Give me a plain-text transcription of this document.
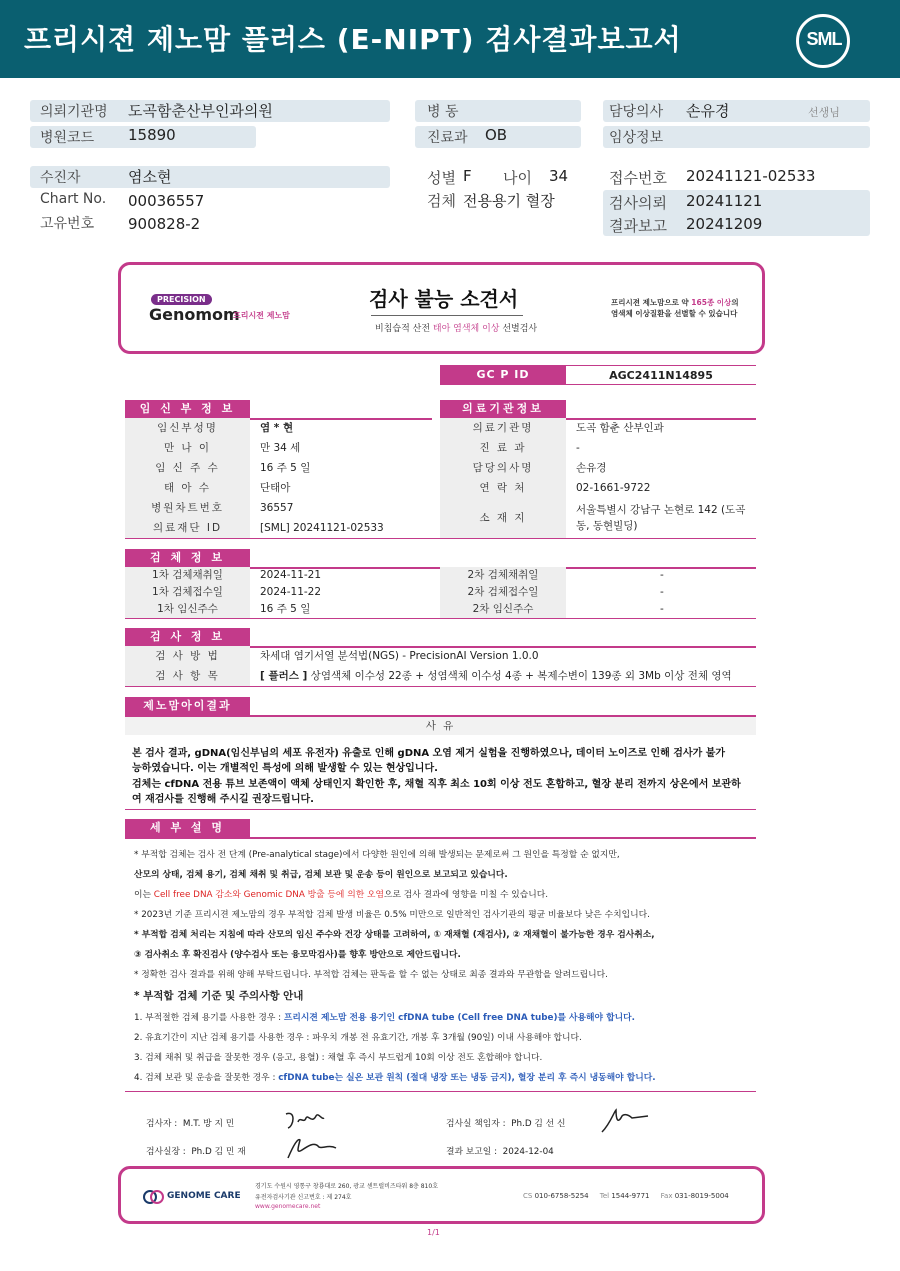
프리시젼 제노맘 플러스 (E-NIPT) 검사결과보고서	SML
의뢰기관명 도곡함춘산부인과의원
병원코드 15890
병 동
진료과 OB
담당의사 손유경	선생님
임상정보
수진자	염소현
Chart No. 00036557
고유번호 900828-2
성별 F 나이 34
검체 전용용기 혈장
접수번호 20241121-02533
검사의뢰 20241121
결과보고 20241209
PRECISION
Genomom
프리시젼 제노맘
검사 불능 소견서
비침습적 산전 태아 염색체 이상 선별검사
프리시젼 제노맘으로 약 165종 이상의
염색체 이상질환을 선별할 수 있습니다
GC P ID	AGC2411N14895
임 신 부 정 보
임신부성명	염 * 현
만 나 이	만 34 세
임 신 주 수	16 주 5 일
태 아 수	단태아
병원차트번호	36557
의료재단 ID	[SML] 20241121-02533
의료기관정보
의료기관명	도곡 함춘 산부인과
진 료 과	-
담당의사명	손유경
연 락 처	02-1661-9722
소 재 지
서울특별시 강남구 논현로 142 (도곡
동, 동현빌딩)
검 체 정 보
1차 검체채취일	2024-11-21	2차 검체채취일	-
1차 검체접수일	2024-11-22	2차 검체접수일	-
1차 임신주수	16 주 5 일	2차 임신주수	-
검 사 정 보
검 사 방 법	차세대 염기서열 분석법(NGS) - PrecisionAI Version 1.0.0
검 사 항 목	[ 플러스 ] 상염색체 이수성 22종 + 성염색체 이수성 4종 + 복제수변이 139종 외 3Mb 이상 전체 영역
제노맘아이결과
사 유
본 검사 결과, gDNA(임신부님의 세포 유전자) 유출로 인해 gDNA 오염 제거 실험을 진행하였으나, 데이터 노이즈로 인해 검사가 불가
능하였습니다. 이는 개별적인 특성에 의해 발생할 수 있는 현상입니다.
검체는 cfDNA 전용 튜브 보존액이 액체 상태인지 확인한 후, 채혈 직후 최소 10회 이상 전도 혼합하고, 혈장 분리 전까지 상온에서 보관하
여 재검사를 진행해 주시길 권장드립니다.
세 부 설 명
* 부적합 검체는 검사 전 단계 (Pre-analytical stage)에서 다양한 원인에 의해 발생되는 문제로써 그 원인을 특정할 순 없지만,
산모의 상태, 검체 용기, 검체 채취 및 취급, 검체 보관 및 운송 등이 원인으로 보고되고 있습니다.
이는 Cell free DNA 감소와 Genomic DNA 방출 등에 의한 오염으로 검사 결과에 영향을 미칠 수 있습니다.
* 2023년 기준 프리시젼 제노맘의 경우 부적합 검체 발생 비율은 0.5% 미만으로 일반적인 검사기관의 평균 비율보다 낮은 수치입니다.
* 부적합 검체 처리는 지침에 따라 산모의 임신 주수와 건강 상태를 고려하여, ① 재채혈 (재검사), ② 재채혈이 불가능한 경우 검사취소,
③ 검사취소 후 확진검사 (양수검사 또는 융모막검사)를 향후 방안으로 제안드립니다.
* 정확한 검사 결과를 위해 양해 부탁드립니다. 부적합 검체는 판독을 할 수 없는 상태로 최종 결과와 무관함을 알려드립니다.
* 부적합 검체 기준 및 주의사항 안내
1. 부적절한 검체 용기를 사용한 경우 : 프리시젼 제노맘 전용 용기인 cfDNA tube (Cell free DNA tube)를 사용해야 합니다.
2. 유효기간이 지난 검체 용기를 사용한 경우 : 파우치 개봉 전 유효기간, 개봉 후 3개월 (90일) 이내 사용해야 합니다.
3. 검체 채취 및 취급을 잘못한 경우 (응고, 용혈) : 채혈 후 즉시 부드럽게 10회 이상 전도 혼합해야 합니다.
4. 검체 보관 및 운송을 잘못한 경우 : cfDNA tube는 실온 보관 원칙 (절대 냉장 또는 냉동 금지), 혈장 분리 후 즉시 냉동해야 합니다.
검사자 : M.T. 방 지 민	검사실 책임자 : Ph.D 김 선 신
검사실장 : Ph.D 김 민 재	결과 보고일 : 2024-12-04
GENOME CARE
경기도 수원시 영통구 창룡대로 260, 광교 센트럴비즈타워 8층 810호
유전자검사기관 신고번호 : 제 274호
www.genomecare.net
CS 010-6758-5254 Tel 1544-9771 Fax 031-8019-5004
1/1
